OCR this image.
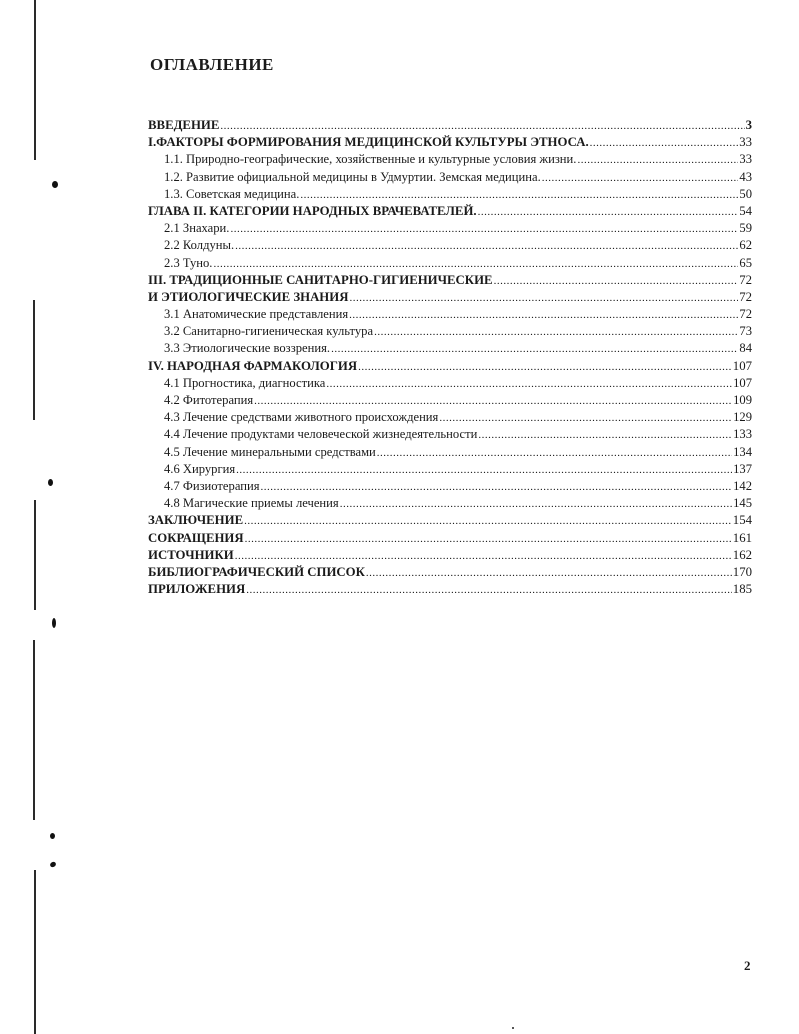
ОГЛАВЛЕНИЕ
ВВЕДЕНИЕ .....	3
I.ФАКТОРЫ ФОРМИРОВАНИЯ МЕДИЦИНСКОЙ КУЛЬТУРЫ ЭТНОСА. .....	33
1.1. Природно-географические, хозяйственные и культурные условия жизни. .....	33
1.2. Развитие официальной медицины в Удмуртии. Земская медицина. .....	43
1.3. Советская медицина. .....	50
ГЛАВА II. КАТЕГОРИИ НАРОДНЫХ ВРАЧЕВАТЕЛЕЙ. .....	54
2.1 Знахари. .....	59
2.2 Колдуны. .....	62
2.3 Туно. .....	65
III. ТРАДИЦИОННЫЕ САНИТАРНО-ГИГИЕНИЧЕСКИЕ .....	72
И ЭТИОЛОГИЧЕСКИЕ ЗНАНИЯ .....	72
3.1 Анатомические представления .....	72
3.2 Санитарно-гигиеническая культура .....	73
3.3 Этиологические воззрения. .....	84
IV. НАРОДНАЯ ФАРМАКОЛОГИЯ .....	107
4.1 Прогностика, диагностика .....	107
4.2 Фитотерапия .....	109
4.3 Лечение средствами животного происхождения .....	129
4.4 Лечение продуктами человеческой жизнедеятельности .....	133
4.5 Лечение минеральными средствами .....	134
4.6 Хирургия .....	137
4.7 Физиотерапия .....	142
4.8 Магические приемы лечения .....	145
ЗАКЛЮЧЕНИЕ .....	154
СОКРАЩЕНИЯ .....	161
ИСТОЧНИКИ .....	162
БИБЛИОГРАФИЧЕСКИЙ СПИСОК .....	170
ПРИЛОЖЕНИЯ .....	185
2
